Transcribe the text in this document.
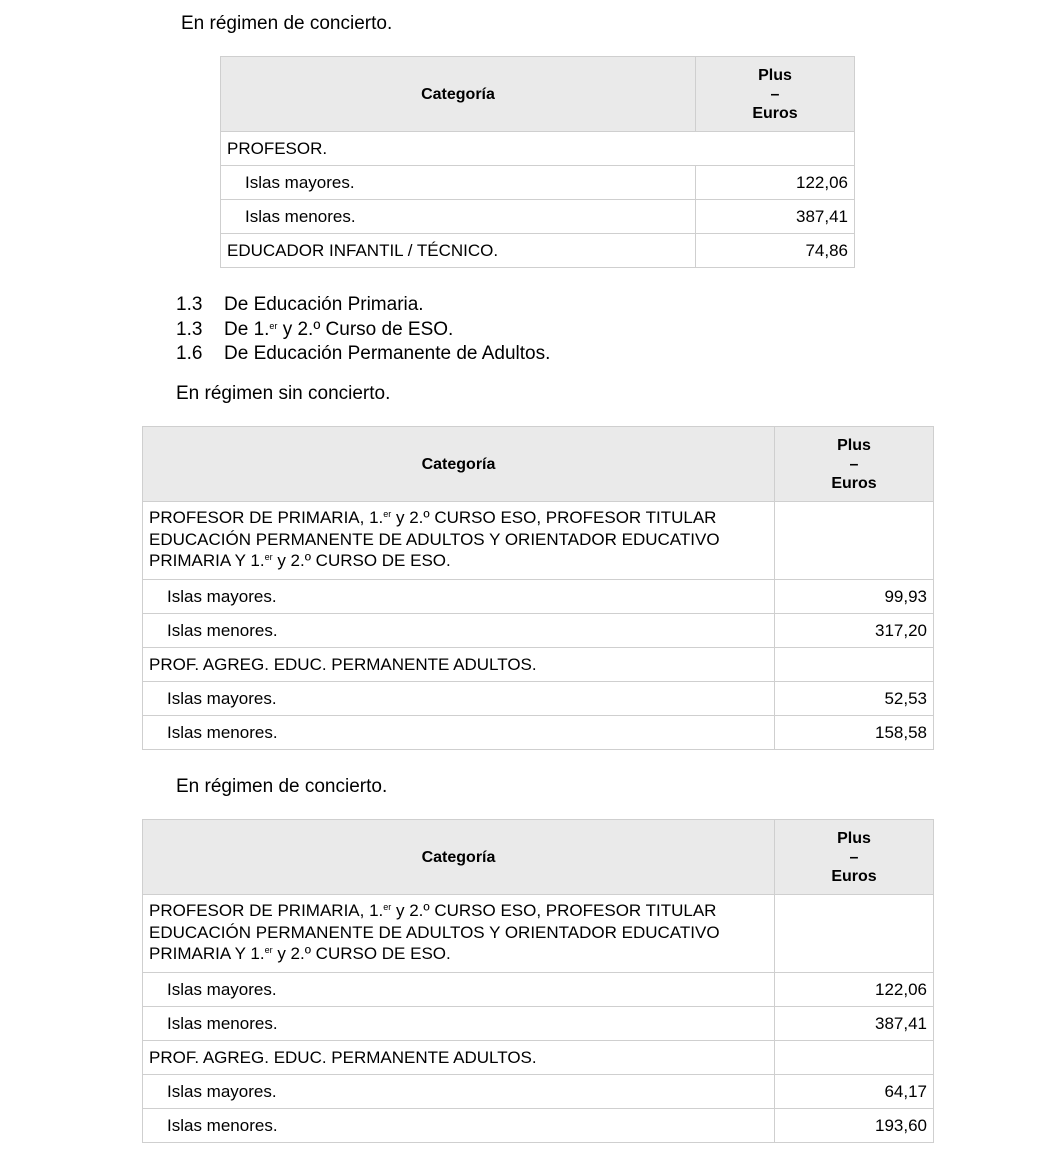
En régimen de concierto.

Categoría	Plus
–
Euros
PROFESOR.	
Islas mayores.	122,06
Islas menores.	387,41
EDUCADOR INFANTIL / TÉCNICO.	74,86
1.3	De Educación Primaria.
1.3	De 1.$^{er}$ y 2.º Curso de ESO.
1.6	De Educación Permanente de Adultos.

En régimen sin concierto.

Categoría	Plus
–
Euros
PROFESOR DE PRIMARIA, 1.$^{er}$ y 2.º CURSO ESO, PROFESOR TITULAR
EDUCACIÓN PERMANENTE DE ADULTOS Y ORIENTADOR EDUCATIVO
PRIMARIA Y 1.$^{er}$ y 2.º CURSO DE ESO.	
Islas mayores.	99,93
Islas menores.	317,20
PROF. AGREG. EDUC. PERMANENTE ADULTOS.	
Islas mayores.	52,53
Islas menores.	158,58

En régimen de concierto.

Categoría	Plus
–
Euros
PROFESOR DE PRIMARIA, 1.$^{er}$ y 2.º CURSO ESO, PROFESOR TITULAR
EDUCACIÓN PERMANENTE DE ADULTOS Y ORIENTADOR EDUCATIVO
PRIMARIA Y 1.$^{er}$ y 2.º CURSO DE ESO.	
Islas mayores.	122,06
Islas menores.	387,41
PROF. AGREG. EDUC. PERMANENTE ADULTOS.	
Islas mayores.	64,17
Islas menores.	193,60
